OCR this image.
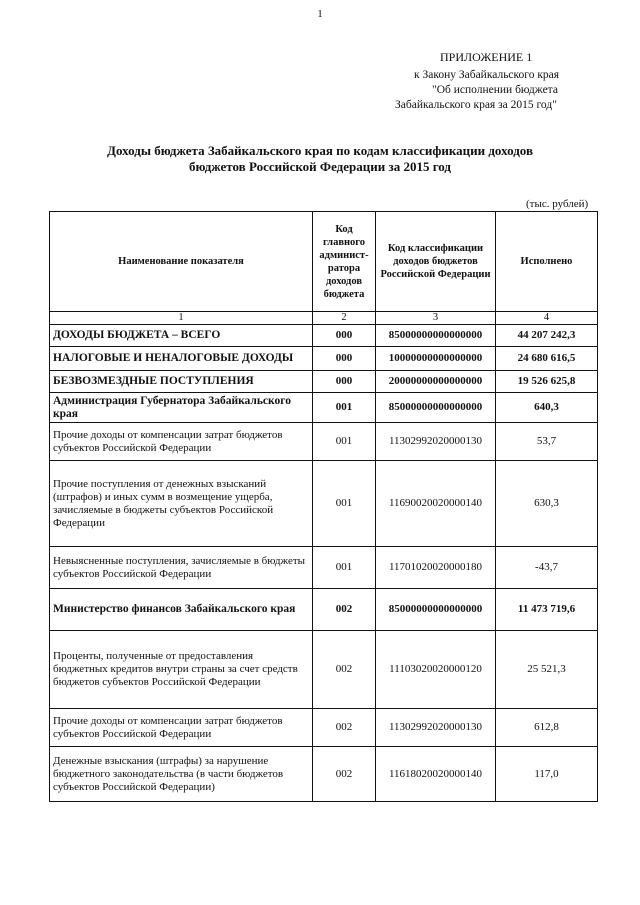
1
ПРИЛОЖЕНИЕ 1
к Закону Забайкальского края
"Об исполнении бюджета
Забайкальского края за 2015 год"
Доходы бюджета Забайкальского края по кодам классификации доходов
бюджетов Российской Федерации за 2015 год
(тыс. рублей)
Наименование показателя	Код главного админист-ратора доходов бюджета	Код классификации доходов бюджетов Российской Федерации	Исполнено
1	2	3	4
ДОХОДЫ БЮДЖЕТА – ВСЕГО	000	85000000000000000	44 207 242,3
НАЛОГОВЫЕ И НЕНАЛОГОВЫЕ ДОХОДЫ	000	10000000000000000	24 680 616,5
БЕЗВОЗМЕЗДНЫЕ ПОСТУПЛЕНИЯ	000	20000000000000000	19 526 625,8
Администрация Губернатора Забайкальского края	001	85000000000000000	640,3
Прочие доходы от компенсации затрат бюджетов субъектов Российской Федерации	001	11302992020000130	53,7
Прочие поступления от денежных взысканий (штрафов) и иных сумм в возмещение ущерба, зачисляемые в бюджеты субъектов Российской Федерации	001	11690020020000140	630,3
Невыясненные поступления, зачисляемые в бюджеты субъектов Российской Федерации	001	11701020020000180	-43,7
Министерство финансов Забайкальского края	002	85000000000000000	11 473 719,6
Проценты, полученные от предоставления бюджетных кредитов внутри страны за счет средств бюджетов субъектов Российской Федерации	002	11103020020000120	25 521,3
Прочие доходы от компенсации затрат бюджетов субъектов Российской Федерации	002	11302992020000130	612,8
Денежные взыскания (штрафы) за нарушение бюджетного законодательства (в части бюджетов субъектов Российской Федерации)	002	11618020020000140	117,0
